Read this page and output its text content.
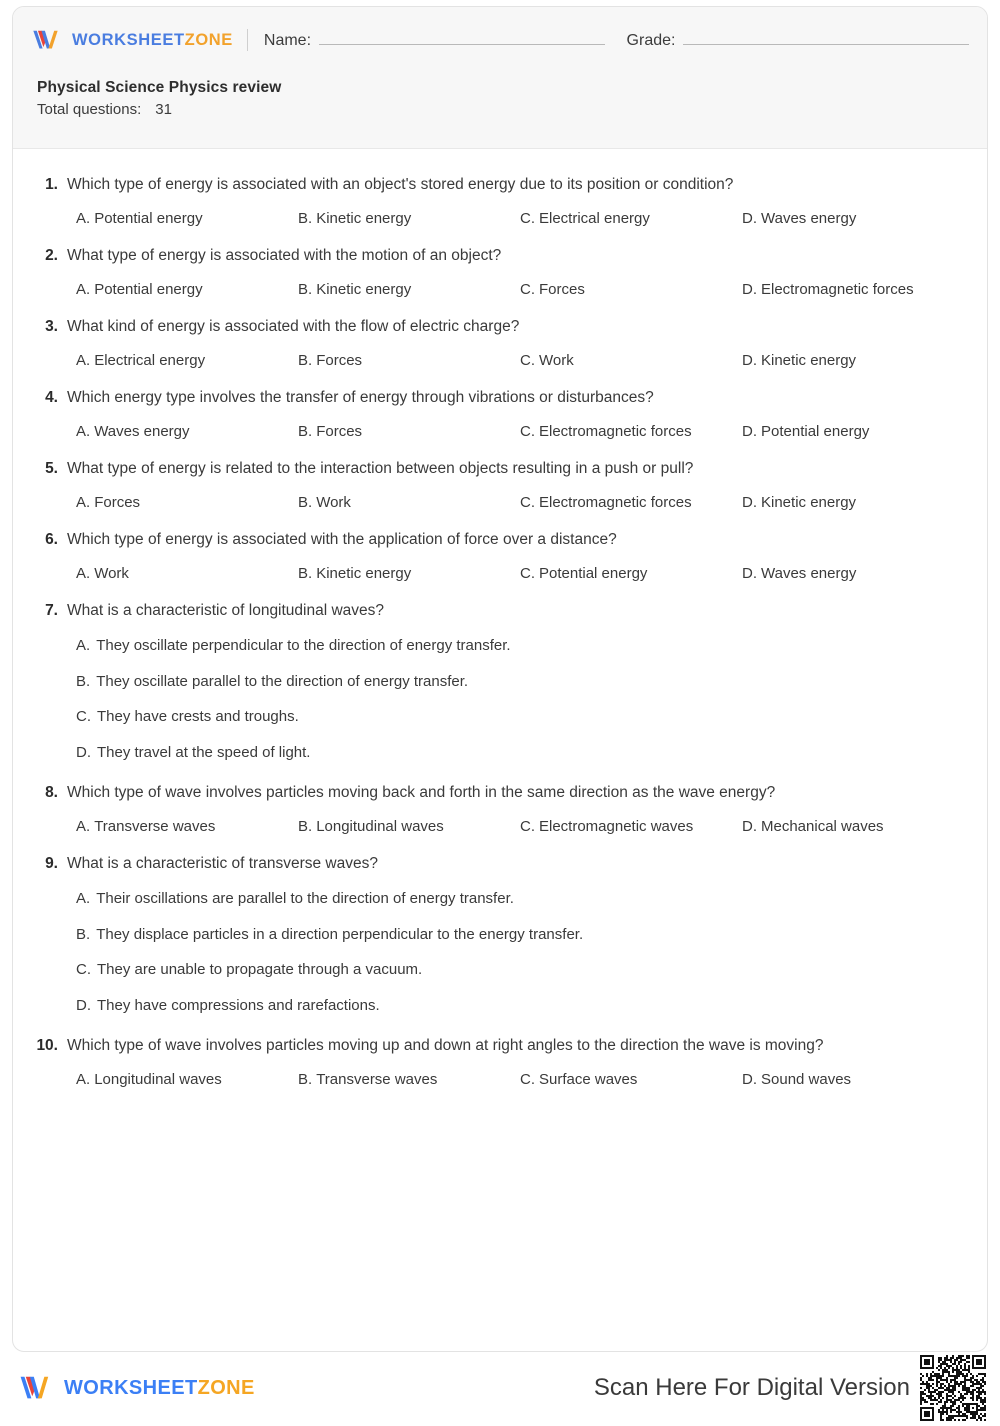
WORKSHEETZONE Name:	Grade:
Physical Science Physics review
Total questions: 31
1. Which type of energy is associated with an object's stored energy due to its position or condition?
A. Potential energy	B. Kinetic energy	C. Electrical energy	D. Waves energy
2. What type of energy is associated with the motion of an object?
A. Potential energy	B. Kinetic energy	C. Forces	D. Electromagnetic forces
3. What kind of energy is associated with the flow of electric charge?
A. Electrical energy	B. Forces	C. Work	D. Kinetic energy
4. Which energy type involves the transfer of energy through vibrations or disturbances?
A. Waves energy	B. Forces	C. Electromagnetic forces	D. Potential energy
5. What type of energy is related to the interaction between objects resulting in a push or pull?
A. Forces	B. Work	C. Electromagnetic forces	D. Kinetic energy
6. Which type of energy is associated with the application of force over a distance?
A. Work	B. Kinetic energy	C. Potential energy	D. Waves energy
7. What is a characteristic of longitudinal waves?
A. They oscillate perpendicular to the direction of energy transfer.
B. They oscillate parallel to the direction of energy transfer.
C. They have crests and troughs.
D. They travel at the speed of light.
8. Which type of wave involves particles moving back and forth in the same direction as the wave energy?
A. Transverse waves	B. Longitudinal waves	C. Electromagnetic waves	D. Mechanical waves
9. What is a characteristic of transverse waves?
A. Their oscillations are parallel to the direction of energy transfer.
B. They displace particles in a direction perpendicular to the energy transfer.
C. They are unable to propagate through a vacuum.
D. They have compressions and rarefactions.
10. Which type of wave involves particles moving up and down at right angles to the direction the wave is moving?
A. Longitudinal waves	B. Transverse waves	C. Surface waves	D. Sound waves
WORKSHEETZONE	Scan Here For Digital Version
